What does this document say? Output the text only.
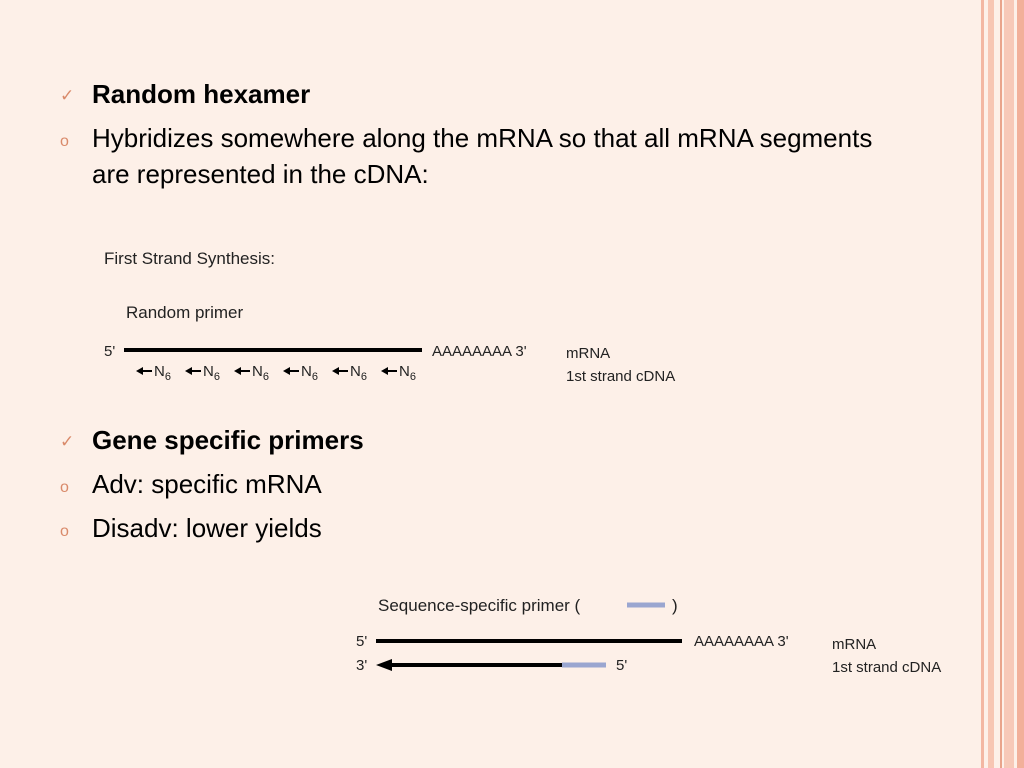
✓ Random hexamer
o Hybridizes somewhere along the mRNA so that all mRNA segments are represented in the cDNA:
First Strand Synthesis:
Random primer
5'	AAAAAAAA 3'	mRNA
1st strand cDNA
$N_6$ $N_6$ $N_6$ $N_6$ $N_6$ $N_6$
✓ Gene specific primers
o Adv: specific mRNA
o Disadv: lower yields
Sequence-specific primer (	)
5'	AAAAAAAA 3'	mRNA
3'	5'	1st strand cDNA
